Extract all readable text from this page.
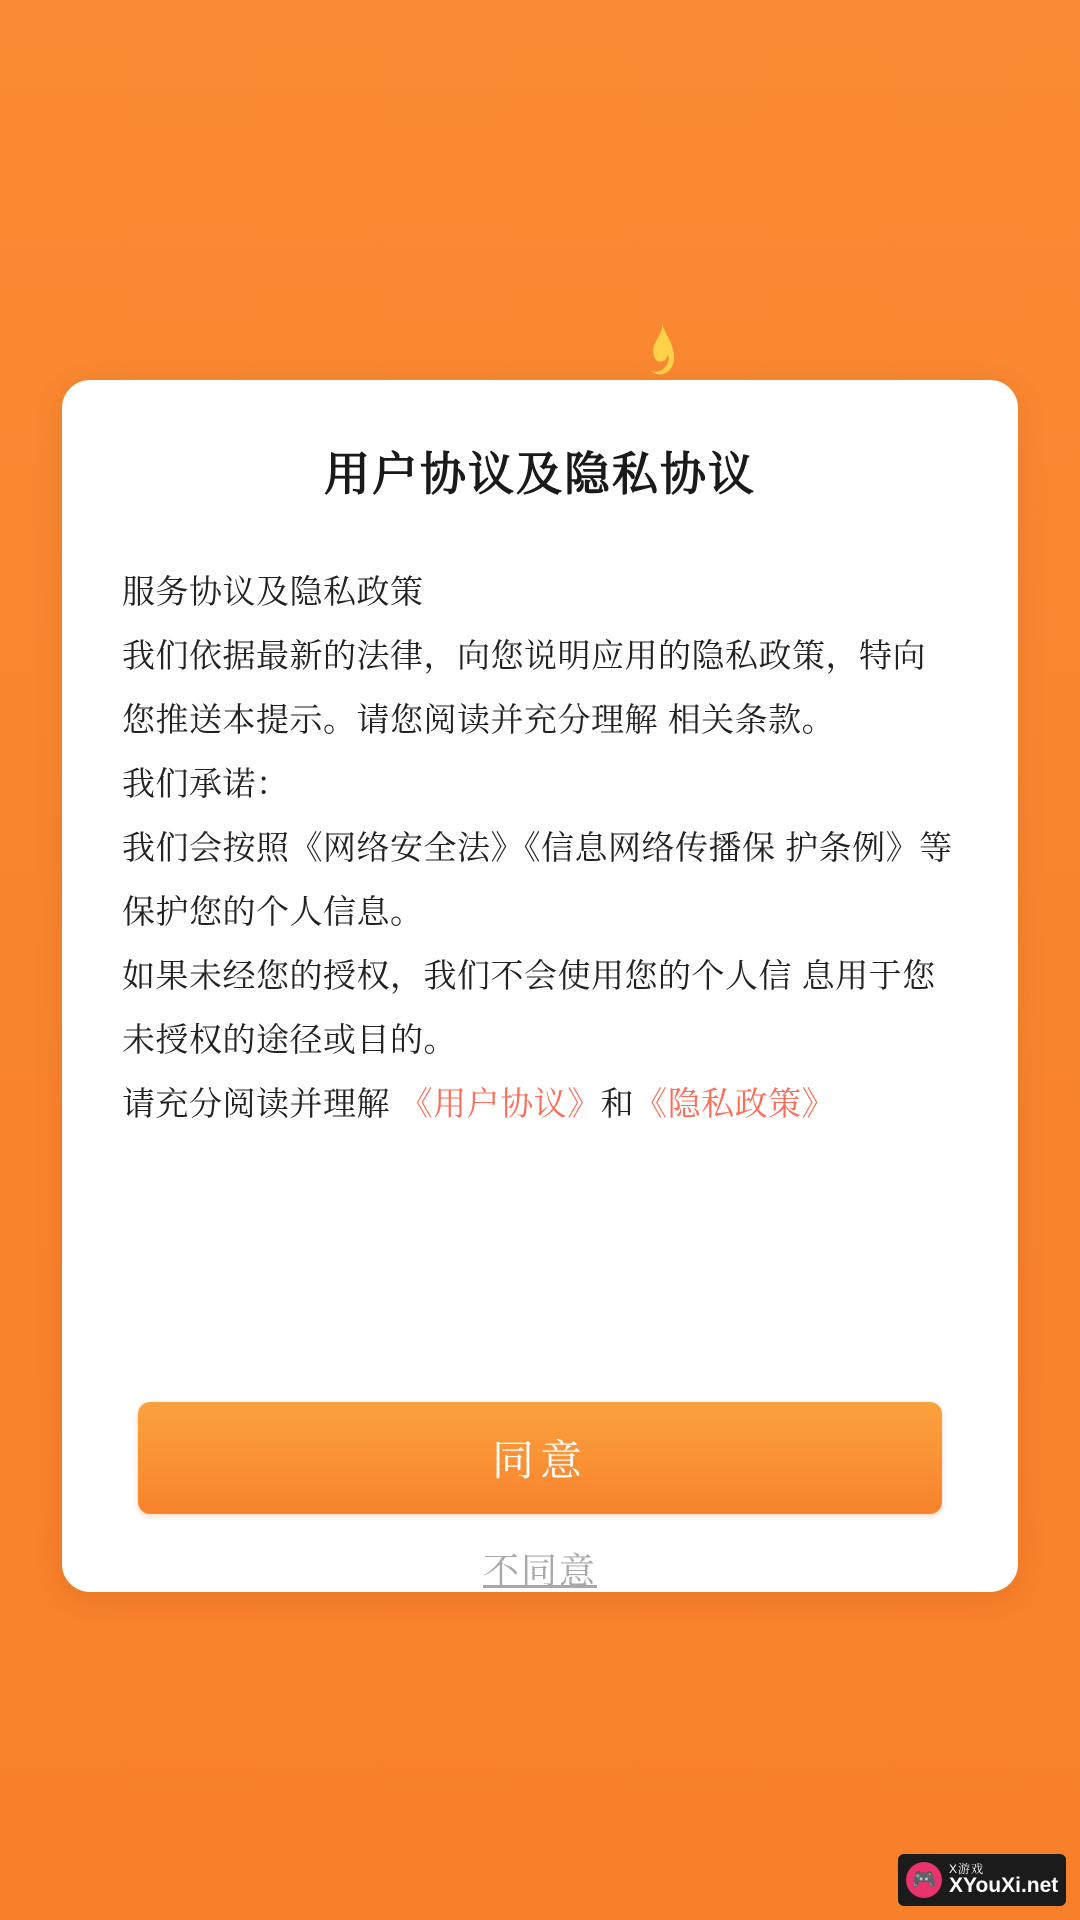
用户协议及隐私协议

服务协议及隐私政策

我们依据最新的法律，向您说明应用的隐私政策，特向您推送本提示。请您阅读并充分理解 相关条款。

我们承诺：

我们会按照《网络安全法》《信息网络传播保 护条例》等保护您的个人信息。

如果未经您的授权，我们不会使用您的个人信 息用于您未授权的途径或目的。

请充分阅读并理解 《用户协议》和《隐私政策》

同意
不同意
🎮
X游戏
XYouXi.net
